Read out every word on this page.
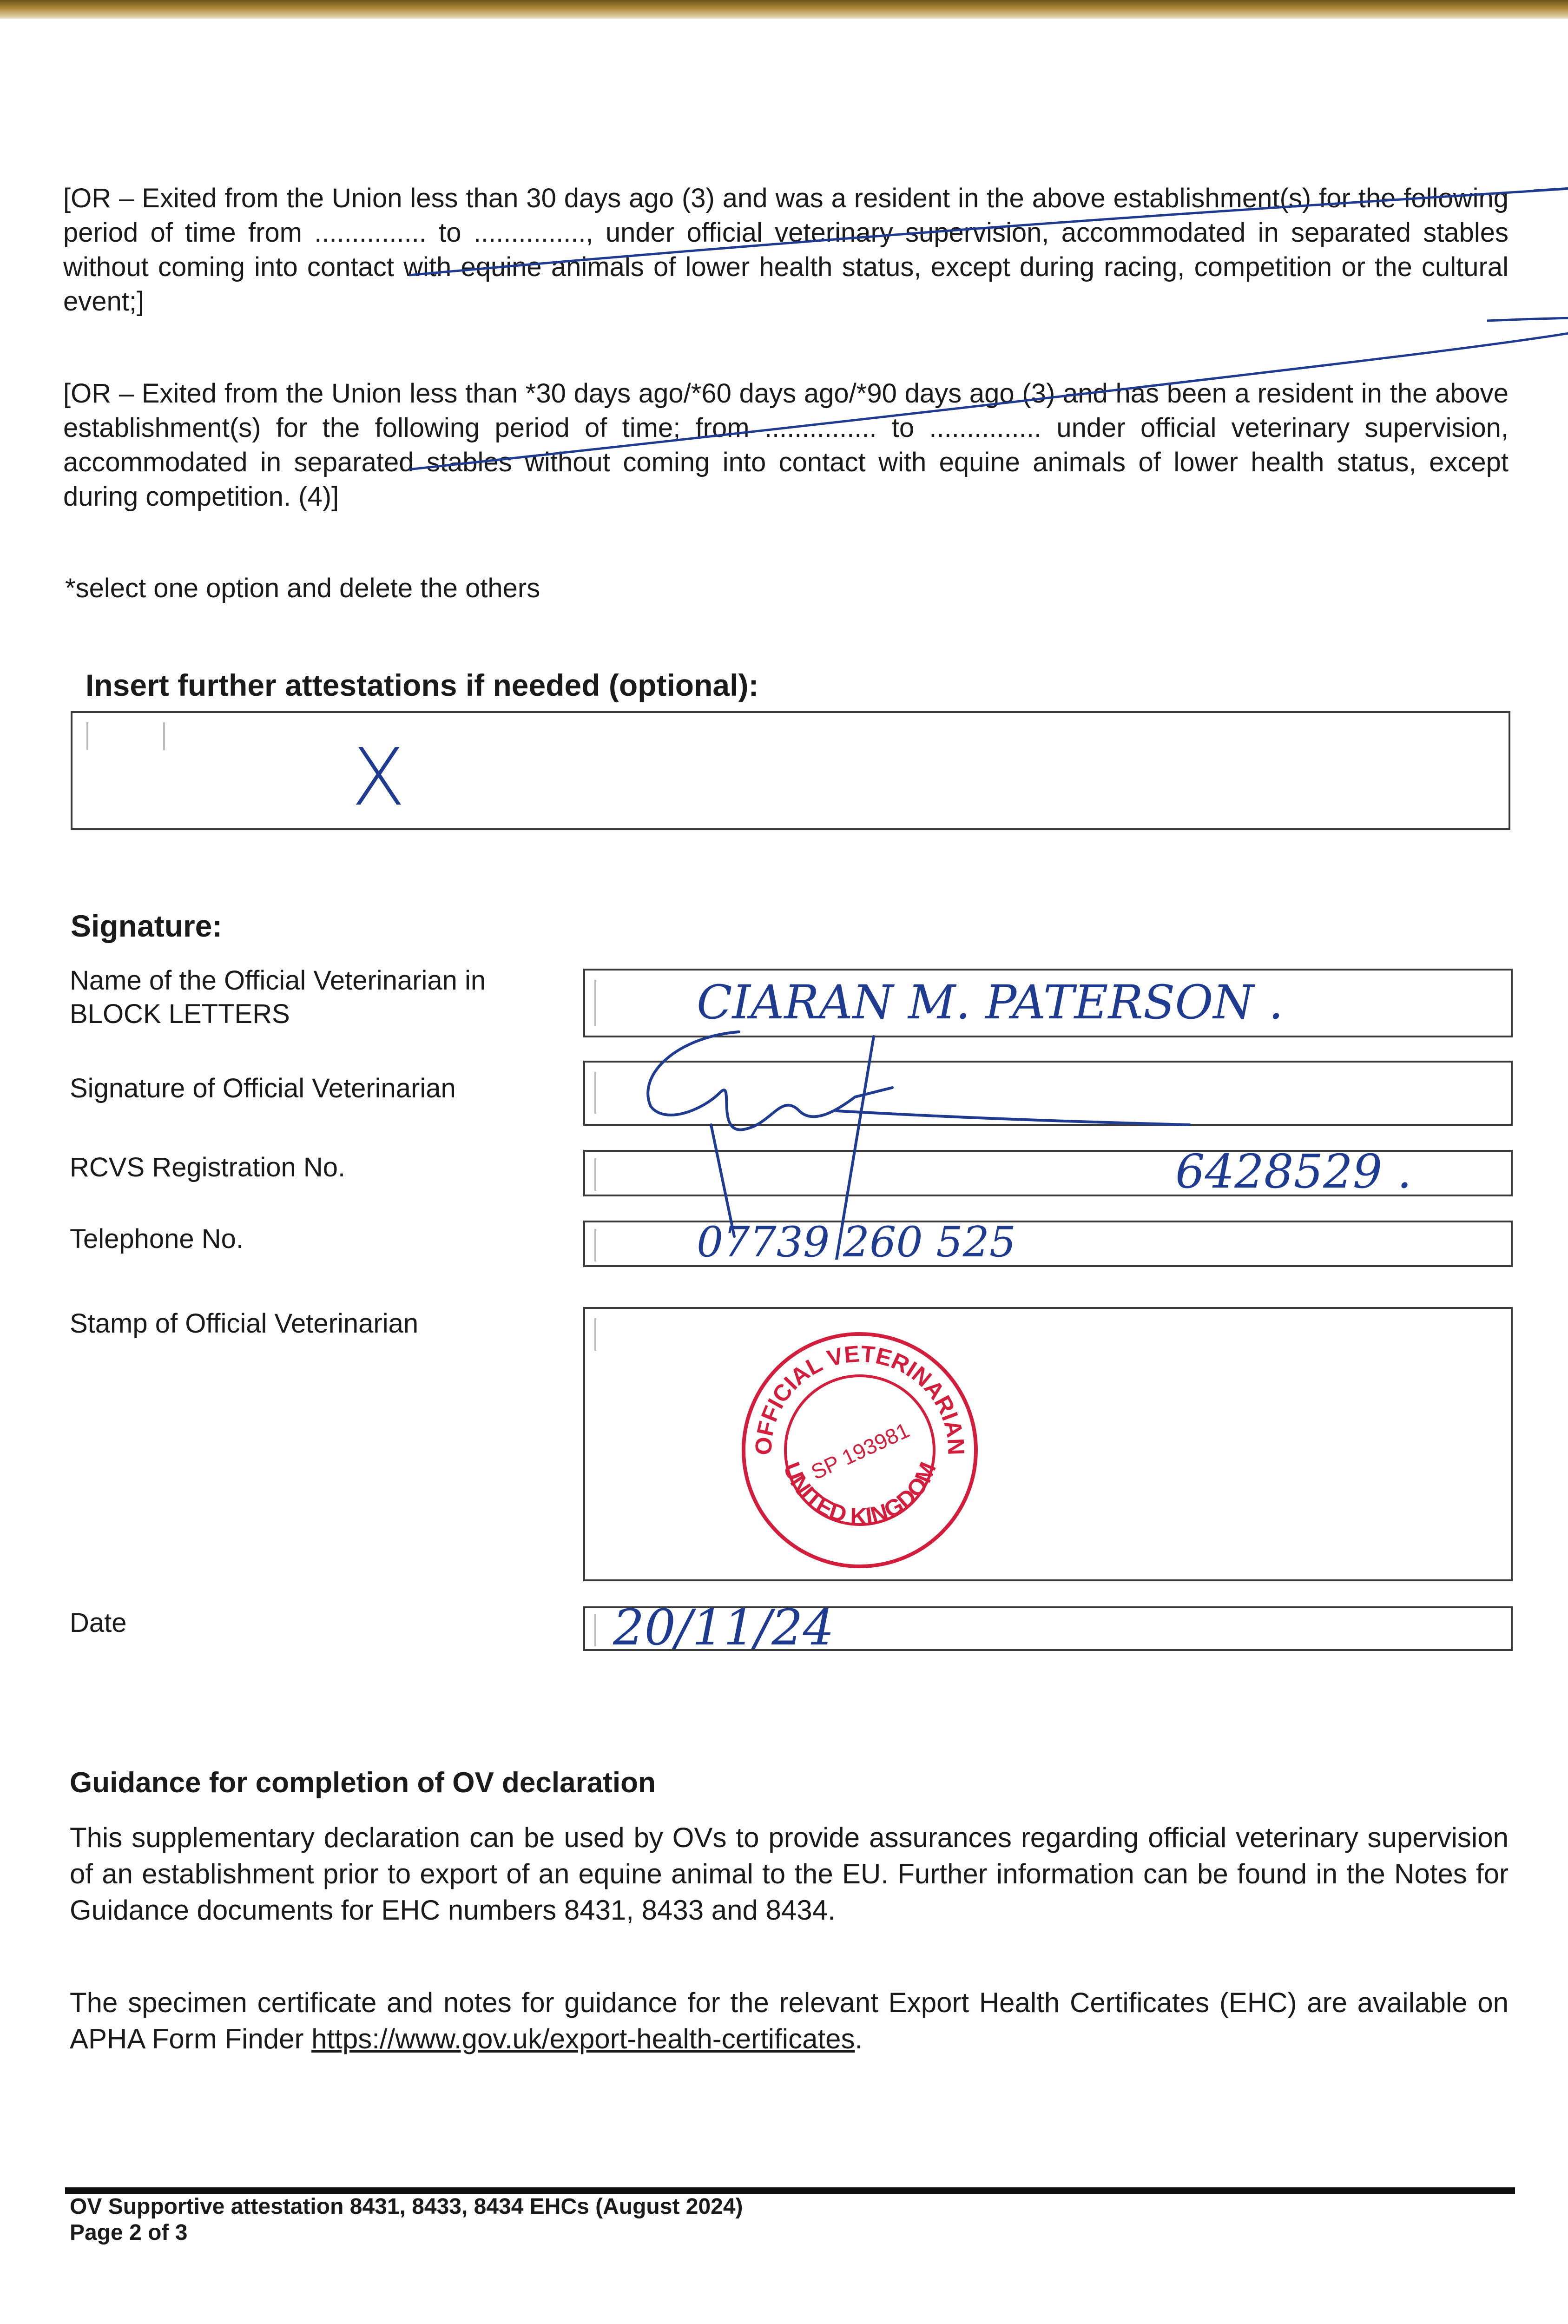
[OR – Exited from the Union less than 30 days ago (3) and was a resident in the above establishment(s) for the following period of time from ............... to ..............., under official veterinary supervision, accommodated in separated stables without coming into contact with equine animals of lower health status, except during racing, competition or the cultural event;]

[OR – Exited from the Union less than *30 days ago/*60 days ago/*90 days ago (3) and has been a resident in the above establishment(s) for the following period of time; from ............... to ............... under official veterinary supervision, accommodated in separated stables without coming into contact with equine animals of lower health status, except during competition. (4)]

*select one option and delete the others
Insert further attestations if needed (optional):
X
Signature:
Name of the Official Veterinarian in BLOCK LETTERS	CIARAN M. PATERSON .
Signature of Official Veterinarian
RCVS Registration No.	6428529 .
Telephone No.	07739 260 525
Stamp of Official Veterinarian
Date	20/11/24
OFFICIAL VETERINARIAN
UNITED KINGDOM
SP 193981
Guidance for completion of OV declaration

This supplementary declaration can be used by OVs to provide assurances regarding official veterinary supervision of an establishment prior to export of an equine animal to the EU. Further information can be found in the Notes for Guidance documents for EHC numbers 8431, 8433 and 8434.

The specimen certificate and notes for guidance for the relevant Export Health Certificates (EHC) are available on APHA Form Finder https://www.gov.uk/export-health-certificates.

OV Supportive attestation 8431, 8433, 8434 EHCs (August 2024)
Page 2 of 3
